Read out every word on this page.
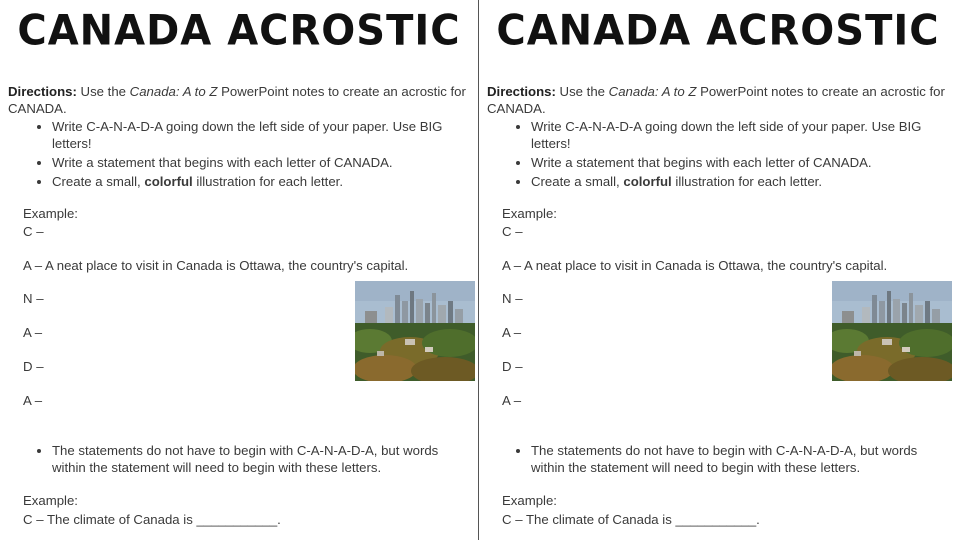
CANADA ACROSTIC
Directions: Use the Canada: A to Z PowerPoint notes to create an acrostic for CANADA.
• Write C-A-N-A-D-A going down the left side of your paper. Use BIG letters!
• Write a statement that begins with each letter of CANADA.
• Create a small, colorful illustration for each letter.
Example:
C –
A – A neat place to visit in Canada is Ottawa, the country's capital.
N –
A –
D –
A –
• The statements do not have to begin with C-A-N-A-D-A, but words within the statement will need to begin with these letters.
Example:
C – The climate of Canada is ___________.
CANADA ACROSTIC
Directions: Use the Canada: A to Z PowerPoint notes to create an acrostic for CANADA.
• Write C-A-N-A-D-A going down the left side of your paper. Use BIG letters!
• Write a statement that begins with each letter of CANADA.
• Create a small, colorful illustration for each letter.
Example:
C –
A – A neat place to visit in Canada is Ottawa, the country's capital.
N –
A –
D –
A –
• The statements do not have to begin with C-A-N-A-D-A, but words within the statement will need to begin with these letters.
Example:
C – The climate of Canada is ___________.
